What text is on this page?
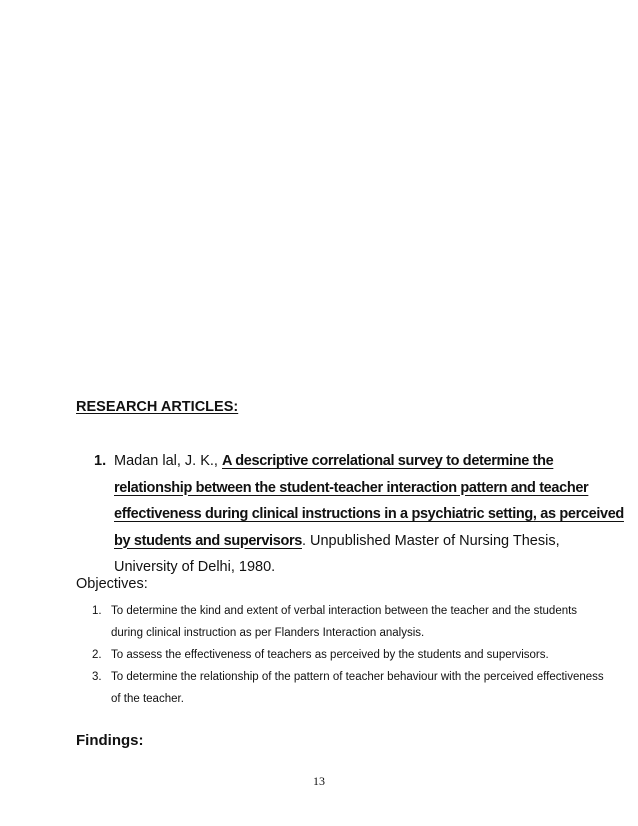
RESEARCH ARTICLES:
1. Madan lal, J. K., A descriptive correlational survey to determine the relationship between the student-teacher interaction pattern and teacher effectiveness during clinical instructions in a psychiatric setting, as perceived by students and supervisors. Unpublished Master of Nursing Thesis, University of Delhi, 1980.
Objectives:
1. To determine the kind and extent of verbal interaction between the teacher and the students during clinical instruction as per Flanders Interaction analysis.
2. To assess the effectiveness of teachers as perceived by the students and supervisors.
3. To determine the relationship of the pattern of teacher behaviour with the perceived effectiveness of the teacher.
Findings:
13
